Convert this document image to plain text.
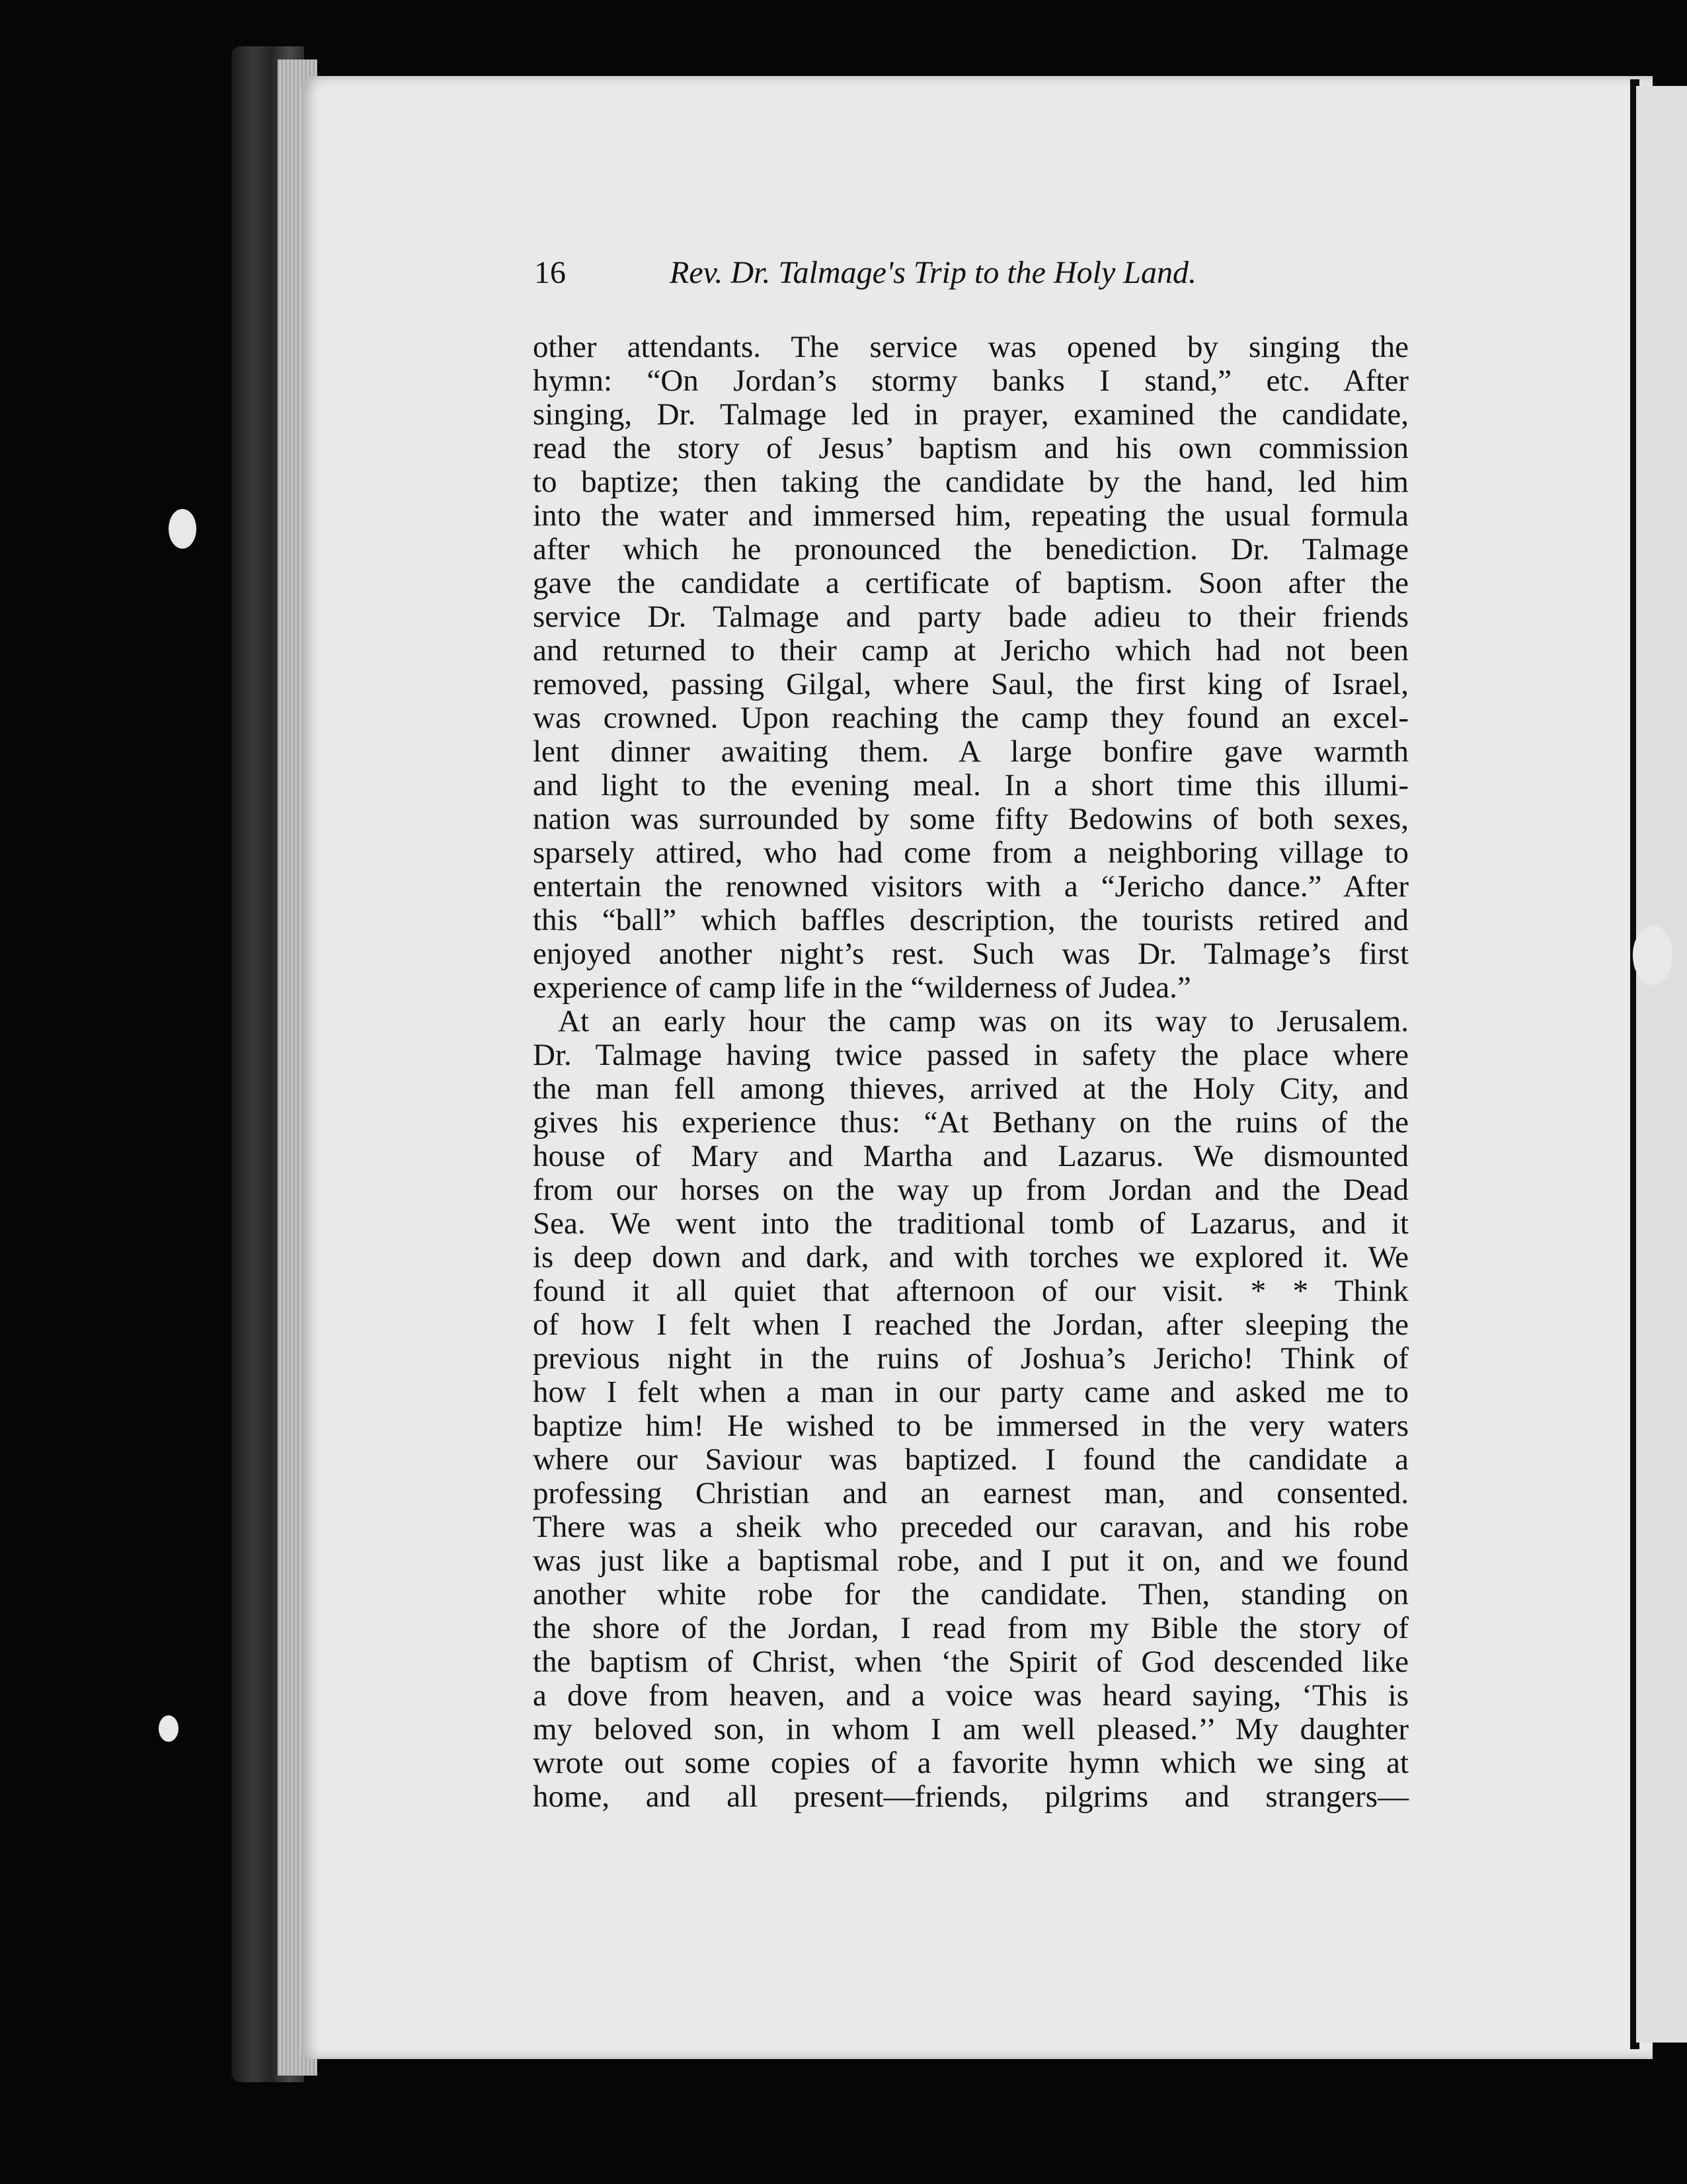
16	Rev. Dr. Talmage's Trip to the Holy Land.
other attendants. The service was opened by singing the
hymn: “On Jordan’s stormy banks I stand,” etc. After
singing, Dr. Talmage led in prayer, examined the candidate,
read the story of Jesus’ baptism and his own commission
to baptize; then taking the candidate by the hand, led him
into the water and immersed him, repeating the usual formula
after which he pronounced the benediction. Dr. Talmage
gave the candidate a certificate of baptism. Soon after the
service Dr. Talmage and party bade adieu to their friends
and returned to their camp at Jericho which had not been
removed, passing Gilgal, where Saul, the first king of Israel,
was crowned. Upon reaching the camp they found an excel-
lent dinner awaiting them. A large bonfire gave warmth
and light to the evening meal. In a short time this illumi-
nation was surrounded by some fifty Bedowins of both sexes,
sparsely attired, who had come from a neighboring village to
entertain the renowned visitors with a “Jericho dance.” After
this “ball” which baffles description, the tourists retired and
enjoyed another night’s rest. Such was Dr. Talmage’s first
experience of camp life in the “wilderness of Judea.”
At an early hour the camp was on its way to Jerusalem.
Dr. Talmage having twice passed in safety the place where
the man fell among thieves, arrived at the Holy City, and
gives his experience thus: “At Bethany on the ruins of the
house of Mary and Martha and Lazarus. We dismounted
from our horses on the way up from Jordan and the Dead
Sea. We went into the traditional tomb of Lazarus, and it
is deep down and dark, and with torches we explored it. We
found it all quiet that afternoon of our visit. * * Think
of how I felt when I reached the Jordan, after sleeping the
previous night in the ruins of Joshua’s Jericho! Think of
how I felt when a man in our party came and asked me to
baptize him! He wished to be immersed in the very waters
where our Saviour was baptized. I found the candidate a
professing Christian and an earnest man, and consented.
There was a sheik who preceded our caravan, and his robe
was just like a baptismal robe, and I put it on, and we found
another white robe for the candidate. Then, standing on
the shore of the Jordan, I read from my Bible the story of
the baptism of Christ, when ‘the Spirit of God descended like
a dove from heaven, and a voice was heard saying, ‘This is
my beloved son, in whom I am well pleased.’’ My daughter
wrote out some copies of a favorite hymn which we sing at
home, and all present—friends, pilgrims and strangers—
